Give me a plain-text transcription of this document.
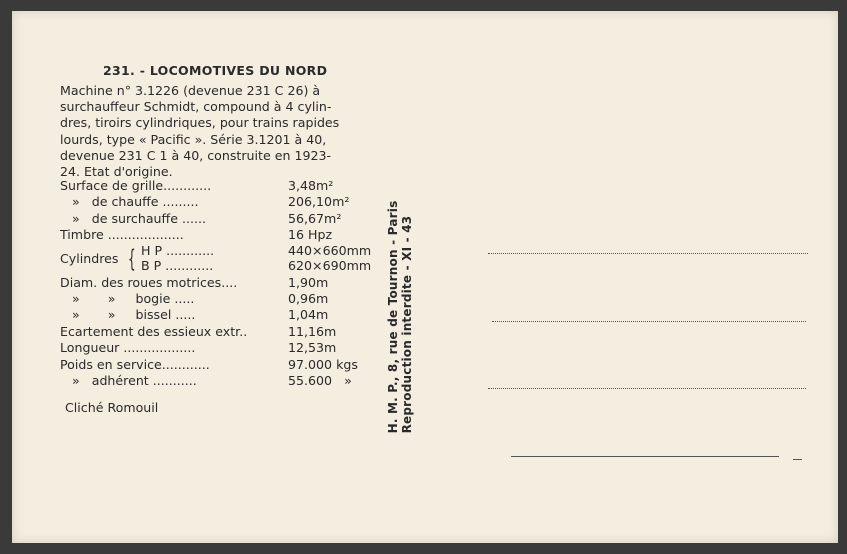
231. - LOCOMOTIVES DU NORD

Machine n° 3.1226 (devenue 231 C 26) à

surchauffeur Schmidt, compound à 4 cylin-

dres, tiroirs cylindriques, pour trains rapides

lourds, type « Pacific ». Série 3.1201 à 40,

devenue 231 C 1 à 40, construite en 1923-

24. Etat d'origine.

Surface de grille............	3,48m²
»   de chauffe .........	206,10m²
»   de surchauffe ......	56,67m²
Timbre ...................	16 Hpz
Cylindres { H P ............	440×660mm
B P ............	620×690mm
Diam. des roues motrices....	1,90m
»       »     bogie .....	0,96m
»       »     bissel .....	1,04m
Ecartement des essieux extr..	11,16m
Longueur ..................	12,53m
Poids en service............	97.000 kgs
»   adhérent ...........	55.600   »
Cliché Romouil	H. M. P., 8, rue de Tournon - Paris Reproduction interdite - XI - 43
